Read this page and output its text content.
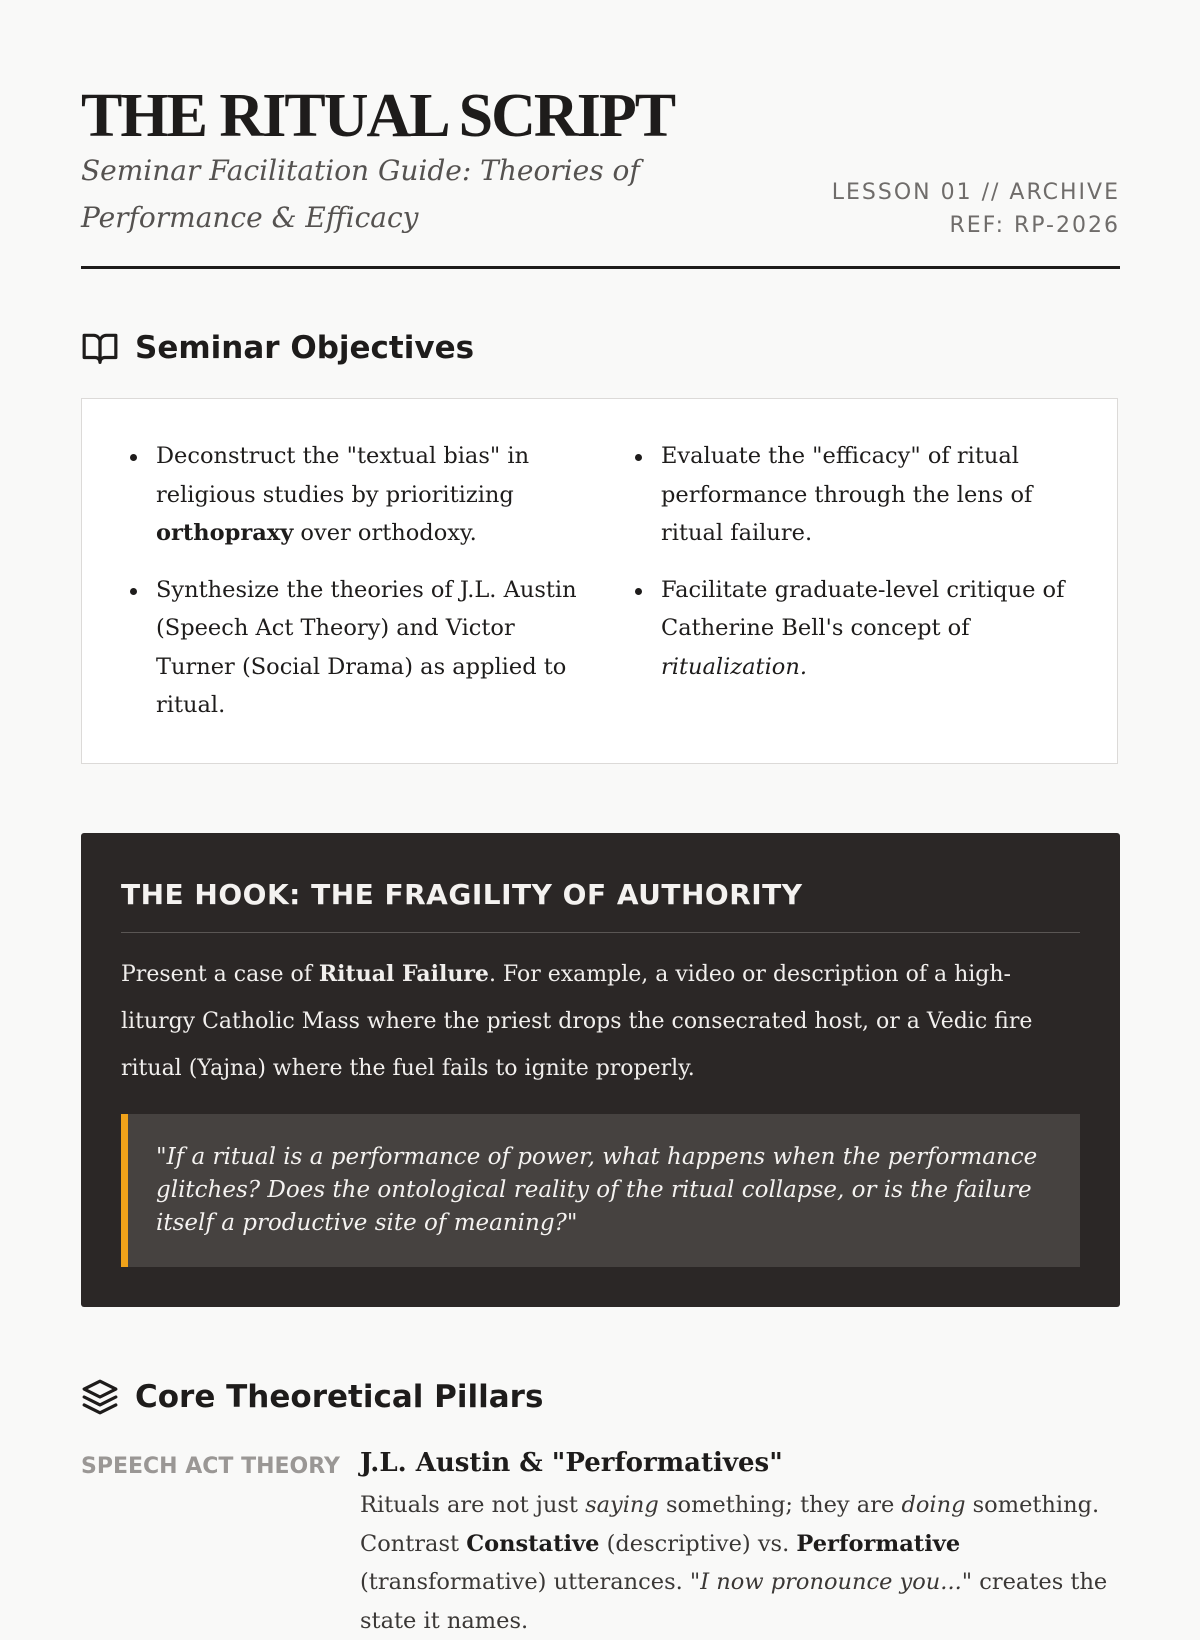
THE RITUAL SCRIPT
Seminar Facilitation Guide: Theories of Performance & Efficacy
LESSON 01 // ARCHIVE
REF: RP-2026
Seminar Objectives
Deconstruct the "textual bias" in religious studies by prioritizing orthopraxy over orthodoxy.
Synthesize the theories of J.L. Austin (Speech Act Theory) and Victor Turner (Social Drama) as applied to ritual.
Evaluate the "efficacy" of ritual performance through the lens of ritual failure.
Facilitate graduate-level critique of Catherine Bell's concept of ritualization.
THE HOOK: THE FRAGILITY OF AUTHORITY

Present a case of Ritual Failure. For example, a video or description of a high-liturgy Catholic Mass where the priest drops the consecrated host, or a Vedic fire ritual (Yajna) where the fuel fails to ignite properly.

"If a ritual is a performance of power, what happens when the performance glitches? Does the ontological reality of the ritual collapse, or is the failure itself a productive site of meaning?"
Core Theoretical Pillars
SPEECH ACT THEORY J.L. Austin & "Performatives"

Rituals are not just saying something; they are doing something. Contrast Constative (descriptive) vs. Performative (transformative) utterances. "I now pronounce you..." creates the state it names.
